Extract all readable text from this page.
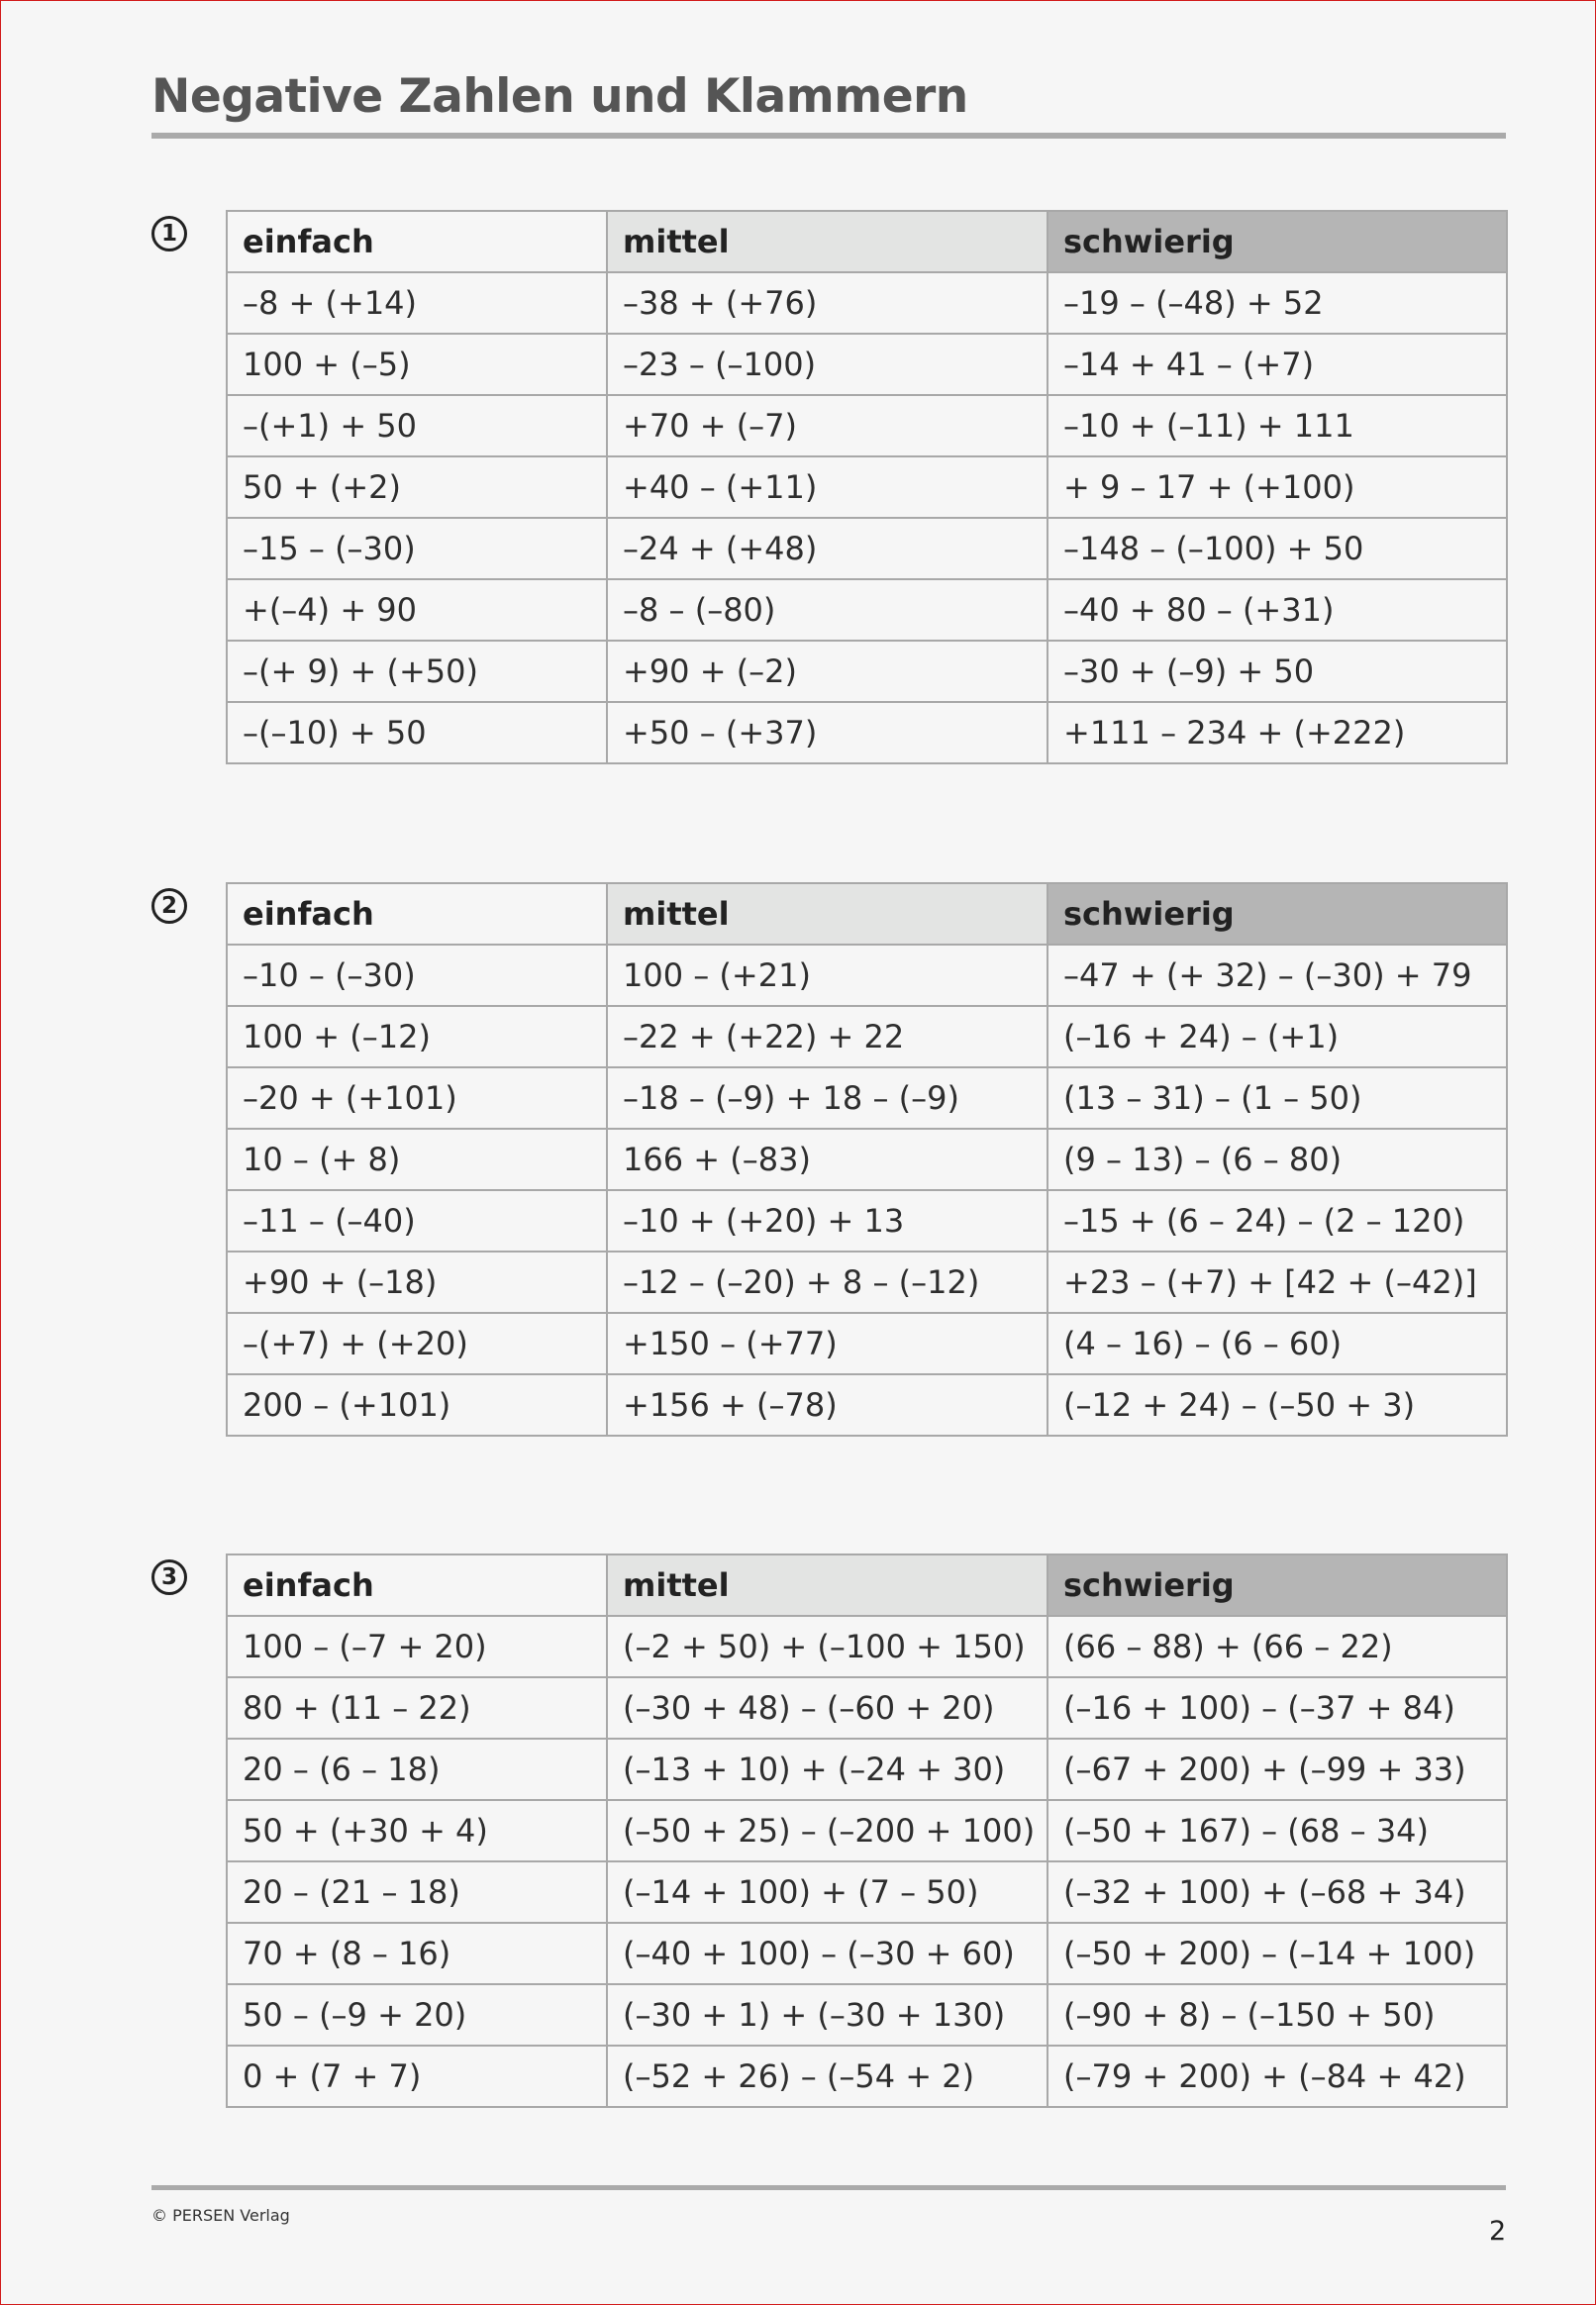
Negative Zahlen und Klammern
1	einfach	mittel	schwierig
–8 + (+14)	–38 + (+76)	–19 – (–48) + 52
100 + (–5)	–23 – (–100)	–14 + 41 – (+7)
–(+1) + 50	+70 + (–7)	–10 + (–11) + 111
50 + (+2)	+40 – (+11)	+ 9 – 17 + (+100)
–15 – (–30)	–24 + (+48)	–148 – (–100) + 50
+(–4) + 90	–8 – (–80)	–40 + 80 – (+31)
–(+ 9) + (+50)	+90 + (–2)	–30 + (–9) + 50
–(–10) + 50	+50 – (+37)	+111 – 234 + (+222)
2	einfach	mittel	schwierig
–10 – (–30)	100 – (+21)	–47 + (+ 32) – (–30) + 79
100 + (–12)	–22 + (+22) + 22	(–16 + 24) – (+1)
–20 + (+101)	–18 – (–9) + 18 – (–9)	(13 – 31) – (1 – 50)
10 – (+ 8)	166 + (–83)	(9 – 13) – (6 – 80)
–11 – (–40)	–10 + (+20) + 13	–15 + (6 – 24) – (2 – 120)
+90 + (–18)	–12 – (–20) + 8 – (–12)	+23 – (+7) + [42 + (–42)]
–(+7) + (+20)	+150 – (+77)	(4 – 16) – (6 – 60)
200 – (+101)	+156 + (–78)	(–12 + 24) – (–50 + 3)
3	einfach	mittel	schwierig
100 – (–7 + 20)	(–2 + 50) + (–100 + 150)	(66 – 88) + (66 – 22)
80 + (11 – 22)	(–30 + 48) – (–60 + 20)	(–16 + 100) – (–37 + 84)
20 – (6 – 18)	(–13 + 10) + (–24 + 30)	(–67 + 200) + (–99 + 33)
50 + (+30 + 4)	(–50 + 25) – (–200 + 100)	(–50 + 167) – (68 – 34)
20 – (21 – 18)	(–14 + 100) + (7 – 50)	(–32 + 100) + (–68 + 34)
70 + (8 – 16)	(–40 + 100) – (–30 + 60)	(–50 + 200) – (–14 + 100)
50 – (–9 + 20)	(–30 + 1) + (–30 + 130)	(–90 + 8) – (–150 + 50)
0 + (7 + 7)	(–52 + 26) – (–54 + 2)	(–79 + 200) + (–84 + 42)
© PERSEN Verlag
2
